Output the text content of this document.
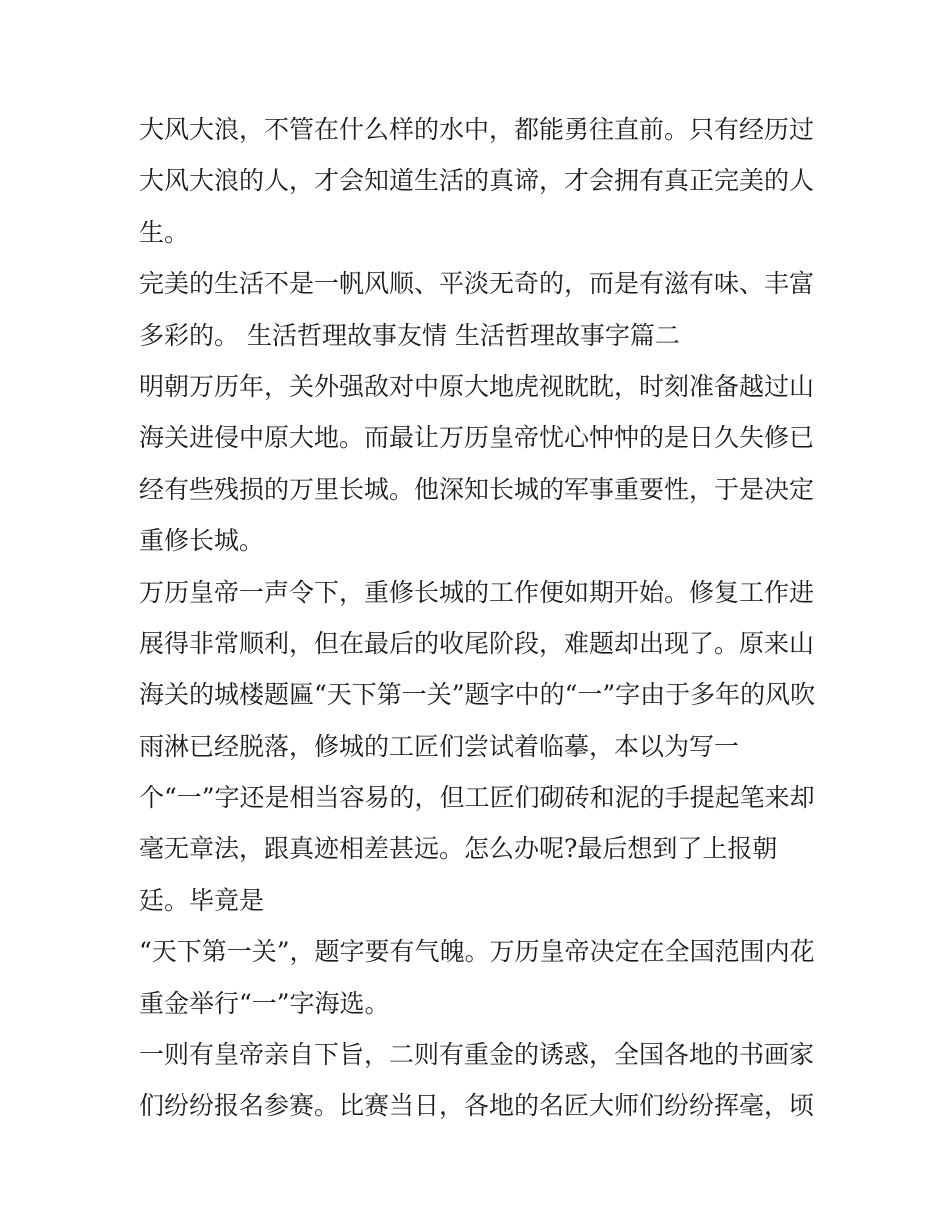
大风大浪，不管在什么样的水中，都能勇往直前。只有经历过
大风大浪的人，才会知道生活的真谛，才会拥有真正完美的人
生。
完美的生活不是一帆风顺、平淡无奇的，而是有滋有味、丰富
多彩的。 生活哲理故事友情 生活哲理故事字篇二
明朝万历年，关外强敌对中原大地虎视眈眈，时刻准备越过山
海关进侵中原大地。而最让万历皇帝忧心忡忡的是日久失修已
经有些残损的万里长城。他深知长城的军事重要性，于是决定
重修长城。
万历皇帝一声令下，重修长城的工作便如期开始。修复工作进
展得非常顺利，但在最后的收尾阶段，难题却出现了。原来山
海关的城楼题匾“天下第一关”题字中的“一”字由于多年的风吹
雨淋已经脱落，修城的工匠们尝试着临摹，本以为写一
个“一”字还是相当容易的，但工匠们砌砖和泥的手提起笔来却
毫无章法，跟真迹相差甚远。怎么办呢?最后想到了上报朝
廷。毕竟是
“天下第一关”，题字要有气魄。万历皇帝决定在全国范围内花
重金举行“一”字海选。
一则有皇帝亲自下旨，二则有重金的诱惑，全国各地的书画家
们纷纷报名参赛。比赛当日，各地的名匠大师们纷纷挥毫，顷
